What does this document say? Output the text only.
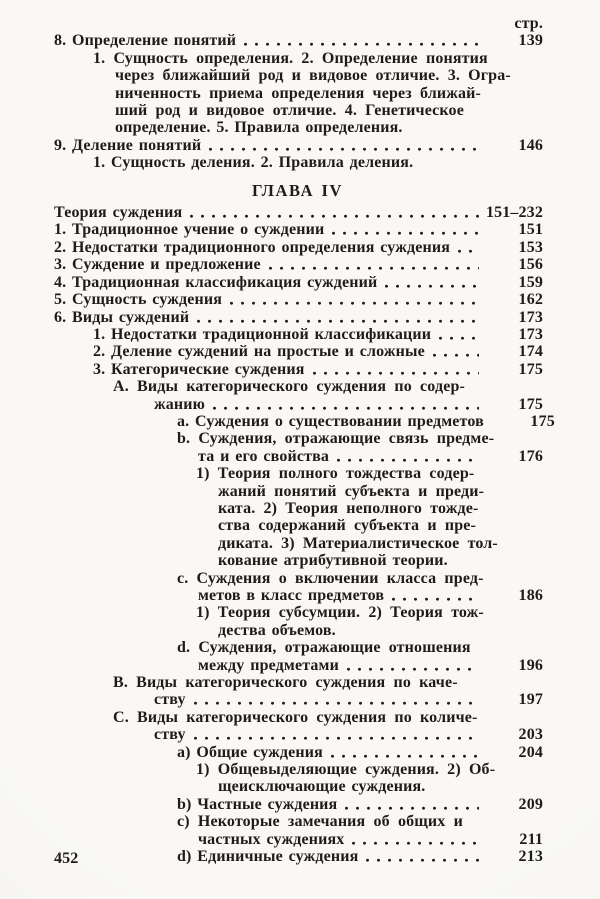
стр.
8. Определение понятий	139
1. Сущность определения. 2. Определение понятия
через ближайший род и видовое отличие. 3. Огра-
ниченность приема определения через ближай-
ший род и видовое отличие. 4. Генетическое
определение. 5. Правила определения.
9. Деление понятий	146
1. Сущность деления. 2. Правила деления.
ГЛАВА IV
Теория суждения	151–232
1. Традиционное учение о суждении	151
2. Недостатки традиционного определения суждения	153
3. Суждение и предложение	156
4. Традиционная классификация суждений	159
5. Сущность суждения	162
6. Виды суждений	173
1. Недостатки традиционной классификации	173
2. Деление суждений на простые и сложные	174
3. Категорические суждения	175
А. Виды категорического суждения по содер-
жанию	175
a. Суждения о существовании предметов	175
b. Суждения, отражающие связь предме-
та и его свойства	176
1) Теория полного тождества содер-
жаний понятий субъекта и преди-
ката. 2) Теория неполного тожде-
ства содержаний субъекта и пре-
диката. 3) Материалистическое тол-
кование атрибутивной теории.
c. Суждения о включении класса пред-
метов в класс предметов	186
1) Теория субсумции. 2) Теория тож-
дества объемов.
d. Суждения, отражающие отношения
между предметами	196
B. Виды категорического суждения по каче-
ству	197
C. Виды категорического суждения по количе-
ству	203
a) Общие суждения	204
1) Общевыделяющие суждения. 2) Об-
щеисключающие суждения.
b) Частные суждения	209
c) Некоторые замечания об общих и
частных суждениях	211
d) Единичные суждения	213
452
